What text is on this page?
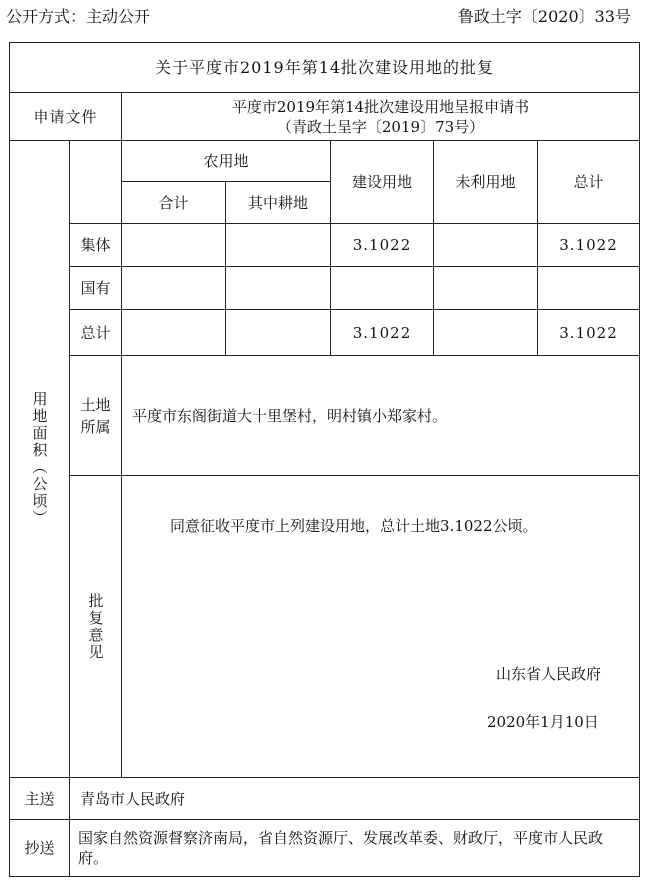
公开方式：主动公开	鲁政土字〔2020〕33号
关于平度市2019年第14批次建设用地的批复						
申请文件		平度市2019年第14批次建设用地呈报申请书
（青政土呈字〔2019〕73号）				

用地面积（公顷）		农用地		建设用地	未利用地	总计
		合计	其中耕地			
	集体			3.1022		3.1022
	国有					
	总计			3.1022		3.1022

	土地所属	平度市东阁街道大十里堡村，明村镇小郑家村。				

	批复意见	同意征收平度市上列建设用地，总计土地3.1022公顷。
山东省人民政府
2020年1月10日				

主送	青岛市人民政府					
抄送	国家自然资源督察济南局，省自然资源厅、发展改革委、财政厅，平度市人民政府。					
